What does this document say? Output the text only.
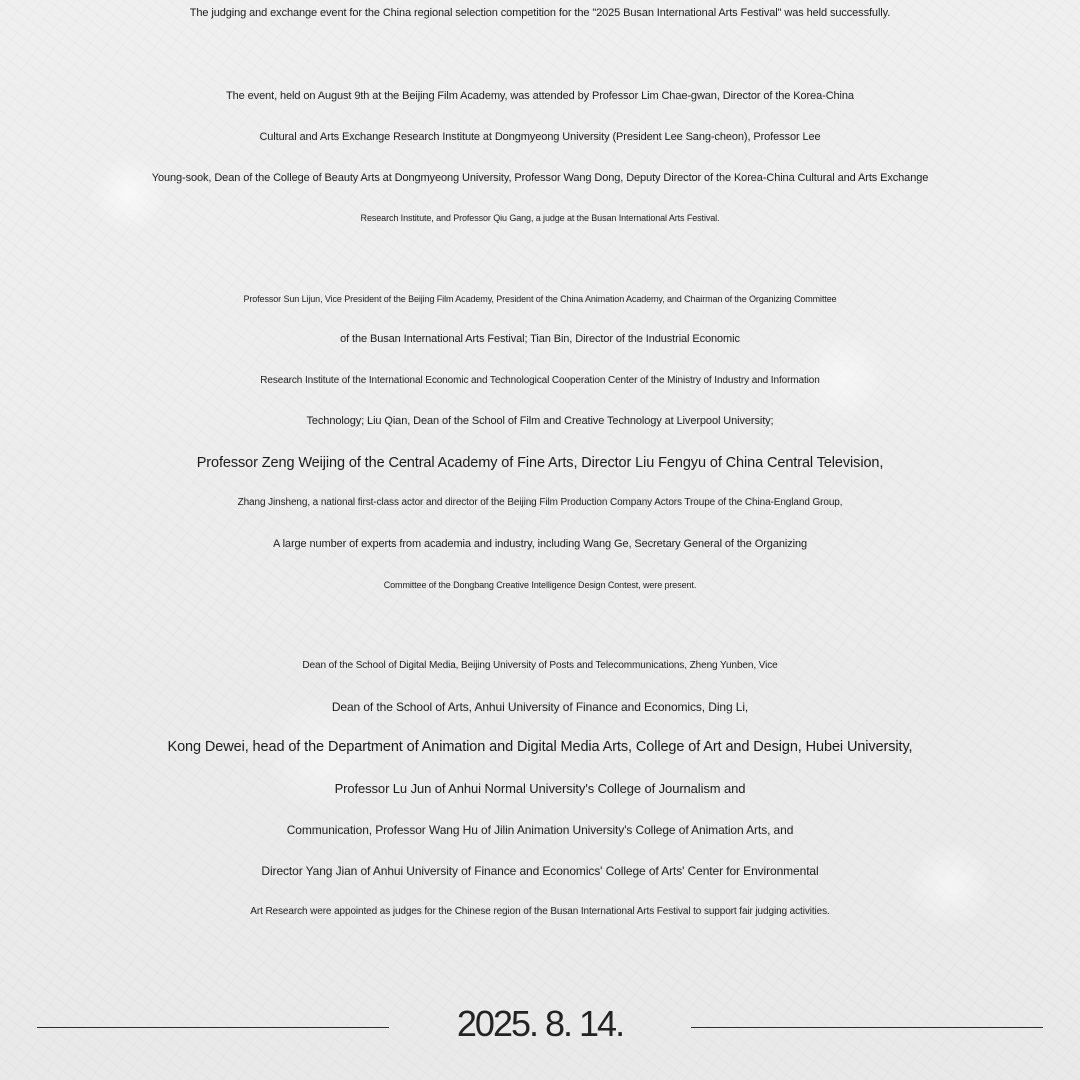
The judging and exchange event for the China regional selection competition for the "2025 Busan International Arts Festival" was held successfully.
The event, held on August 9th at the Beijing Film Academy, was attended by Professor Lim Chae-gwan, Director of the Korea-China
Cultural and Arts Exchange Research Institute at Dongmyeong University (President Lee Sang-cheon), Professor Lee
Young-sook, Dean of the College of Beauty Arts at Dongmyeong University, Professor Wang Dong, Deputy Director of the Korea-China Cultural and Arts Exchange
Research Institute, and Professor Qiu Gang, a judge at the Busan International Arts Festival.
Professor Sun Lijun, Vice President of the Beijing Film Academy, President of the China Animation Academy, and Chairman of the Organizing Committee
of the Busan International Arts Festival; Tian Bin, Director of the Industrial Economic
Research Institute of the International Economic and Technological Cooperation Center of the Ministry of Industry and Information
Technology; Liu Qian, Dean of the School of Film and Creative Technology at Liverpool University;
Professor Zeng Weijing of the Central Academy of Fine Arts, Director Liu Fengyu of China Central Television,
Zhang Jinsheng, a national first-class actor and director of the Beijing Film Production Company Actors Troupe of the China-England Group,
A large number of experts from academia and industry, including Wang Ge, Secretary General of the Organizing
Committee of the Dongbang Creative Intelligence Design Contest, were present.
Dean of the School of Digital Media, Beijing University of Posts and Telecommunications, Zheng Yunben, Vice
Dean of the School of Arts, Anhui University of Finance and Economics, Ding Li,
Kong Dewei, head of the Department of Animation and Digital Media Arts, College of Art and Design, Hubei University,
Professor Lu Jun of Anhui Normal University's College of Journalism and
Communication, Professor Wang Hu of Jilin Animation University's College of Animation Arts, and
Director Yang Jian of Anhui University of Finance and Economics' College of Arts' Center for Environmental
Art Research were appointed as judges for the Chinese region of the Busan International Arts Festival to support fair judging activities.
2025. 8. 14.
